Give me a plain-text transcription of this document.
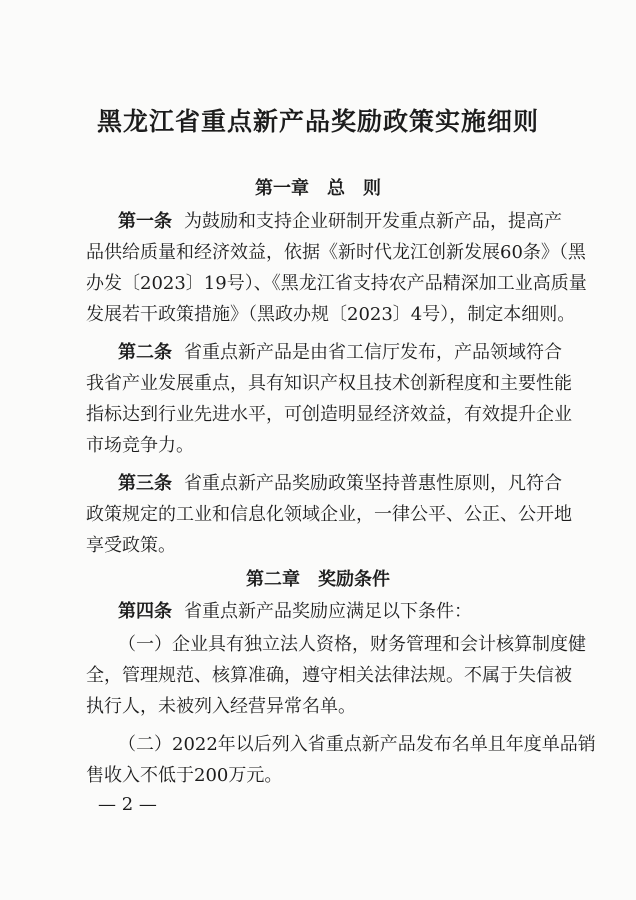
黑龙江省重点新产品奖励政策实施细则
第一章　总　则
第一条 为鼓励和支持企业研制开发重点新产品，提高产
品供给质量和经济效益，依据《新时代龙江创新发展60条》（黑
办发〔2023〕19号）、《黑龙江省支持农产品精深加工业高质量
发展若干政策措施》（黑政办规〔2023〕4号），制定本细则。
第二条 省重点新产品是由省工信厅发布，产品领域符合
我省产业发展重点，具有知识产权且技术创新程度和主要性能
指标达到行业先进水平，可创造明显经济效益，有效提升企业
市场竞争力。
第三条 省重点新产品奖励政策坚持普惠性原则，凡符合
政策规定的工业和信息化领域企业，一律公平、公正、公开地
享受政策。
第二章　奖励条件
第四条 省重点新产品奖励应满足以下条件：
（一）企业具有独立法人资格，财务管理和会计核算制度健
全，管理规范、核算准确，遵守相关法律法规。不属于失信被
执行人，未被列入经营异常名单。
（二）2022年以后列入省重点新产品发布名单且年度单品销
售收入不低于200万元。
— 2 —
